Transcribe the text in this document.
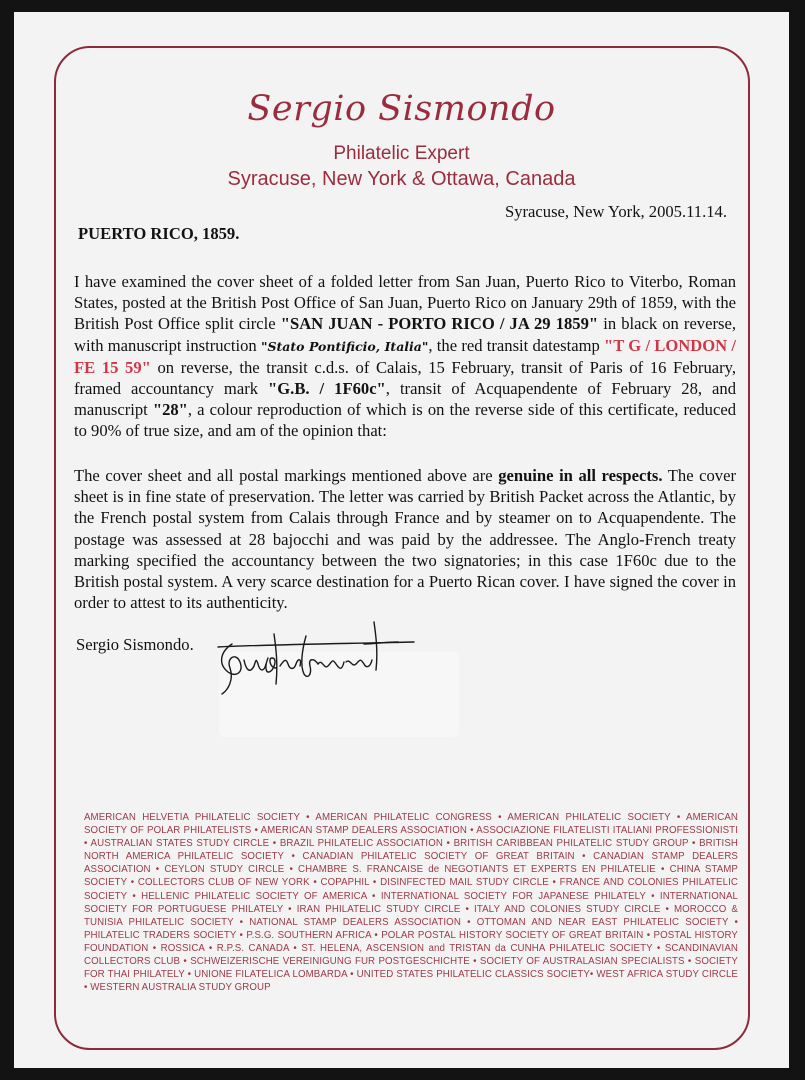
Sergio Sismondo
Philatelic Expert
Syracuse, New York & Ottawa, Canada
Syracuse, New York, 2005.11.14.
PUERTO RICO, 1859.
I have examined the cover sheet of a folded letter from San Juan, Puerto Rico to Viterbo, Roman States, posted at the British Post Office of San Juan, Puerto Rico on January 29th of 1859, with the British Post Office split circle "SAN JUAN - PORTO RICO / JA 29 1859" in black on reverse, with manuscript instruction "Stato Pontificio, Italia", the red transit datestamp "T G / LONDON / FE 15 59" on reverse, the transit c.d.s. of Calais, 15 February, transit of Paris of 16 February, framed accountancy mark "G.B. / 1F60c", transit of Acquapendente of February 28, and manuscript "28", a colour reproduction of which is on the reverse side of this certificate, reduced to 90% of true size, and am of the opinion that:
The cover sheet and all postal markings mentioned above are genuine in all respects. The cover sheet is in fine state of preservation. The letter was carried by British Packet across the Atlantic, by the French postal system from Calais through France and by steamer on to Acquapendente. The postage was assessed at 28 bajocchi and was paid by the addressee. The Anglo-French treaty marking specified the accountancy between the two signatories; in this case 1F60c due to the British postal system. A very scarce destination for a Puerto Rican cover. I have signed the cover in order to attest to its authenticity.
Sergio Sismondo.
AMERICAN HELVETIA PHILATELIC SOCIETY • AMERICAN PHILATELIC CONGRESS • AMERICAN PHILATELIC SOCIETY • AMERICAN SOCIETY OF POLAR PHILATELISTS • AMERICAN STAMP DEALERS ASSOCIATION • ASSOCIAZIONE FILATELISTI ITALIANI PROFESSIONISTI • AUSTRALIAN STATES STUDY CIRCLE • BRAZIL PHILATELIC ASSOCIATION • BRITISH CARIBBEAN PHILATELIC STUDY GROUP • BRITISH NORTH AMERICA PHILATELIC SOCIETY • CANADIAN PHILATELIC SOCIETY OF GREAT BRITAIN • CANADIAN STAMP DEALERS ASSOCIATION • CEYLON STUDY CIRCLE • CHAMBRE S. FRANCAISE de NEGOTIANTS ET EXPERTS EN PHILATELIE • CHINA STAMP SOCIETY • COLLECTORS CLUB OF NEW YORK • COPAPHIL • DISINFECTED MAIL STUDY CIRCLE • FRANCE AND COLONIES PHILATELIC SOCIETY • HELLENIC PHILATELIC SOCIETY OF AMERICA • INTERNATIONAL SOCIETY FOR JAPANESE PHILATELY • INTERNATIONAL SOCIETY FOR PORTUGUESE PHILATELY • IRAN PHILATELIC STUDY CIRCLE • ITALY AND COLONIES STUDY CIRCLE • MOROCCO & TUNISIA PHILATELIC SOCIETY • NATIONAL STAMP DEALERS ASSOCIATION • OTTOMAN AND NEAR EAST PHILATELIC SOCIETY • PHILATELIC TRADERS SOCIETY • P.S.G. SOUTHERN AFRICA • POLAR POSTAL HISTORY SOCIETY OF GREAT BRITAIN • POSTAL HISTORY FOUNDATION • ROSSICA • R.P.S. CANADA • ST. HELENA, ASCENSION and TRISTAN da CUNHA PHILATELIC SOCIETY • SCANDINAVIAN COLLECTORS CLUB • SCHWEIZERISCHE VEREINIGUNG FUR POSTGESCHICHTE • SOCIETY OF AUSTRALASIAN SPECIALISTS • SOCIETY FOR THAI PHILATELY • UNIONE FILATELICA LOMBARDA • UNITED STATES PHILATELIC CLASSICS SOCIETY• WEST AFRICA STUDY CIRCLE • WESTERN AUSTRALIA STUDY GROUP
